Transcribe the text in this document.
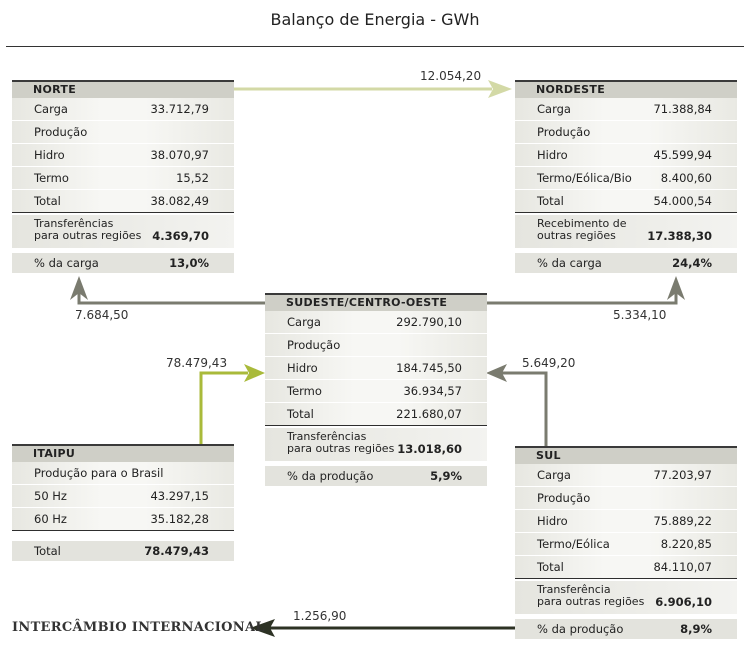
Balanço de Energia - GWh
NORTE
Carga	33.712,79
Produção
Hidro	38.070,97
Termo	15,52
Total	38.082,49
Transferências
para outras regiões 4.369,70
% da carga	13,0%
NORDESTE
Carga	71.388,84
Produção
Hidro	45.599,94
Termo/Eólica/Bio	8.400,60
Total	54.000,54
Recebimento de
outras regiões	17.388,30
% da carga	24,4%
SUDESTE/CENTRO-OESTE
Carga	292.790,10
Produção
Hidro	184.745,50
Termo	36.934,57
Total	221.680,07
Transferências
para outras regiões 13.018,60
% da produção	5,9%
ITAIPU
Produção para o Brasil
50 Hz	43.297,15
60 Hz	35.182,28
Total	78.479,43
SUL
Carga	77.203,97
Produção
Hidro	75.889,22
Termo/Eólica	8.220,85
Total	84.110,07
Transferência
para outras regiões 6.906,10
% da produção	8,9%
12.054,20
7.684,50	5.334,10
78.479,43	5.649,20
1.256,90
INTERCÂMBIO INTERNACIONAL
